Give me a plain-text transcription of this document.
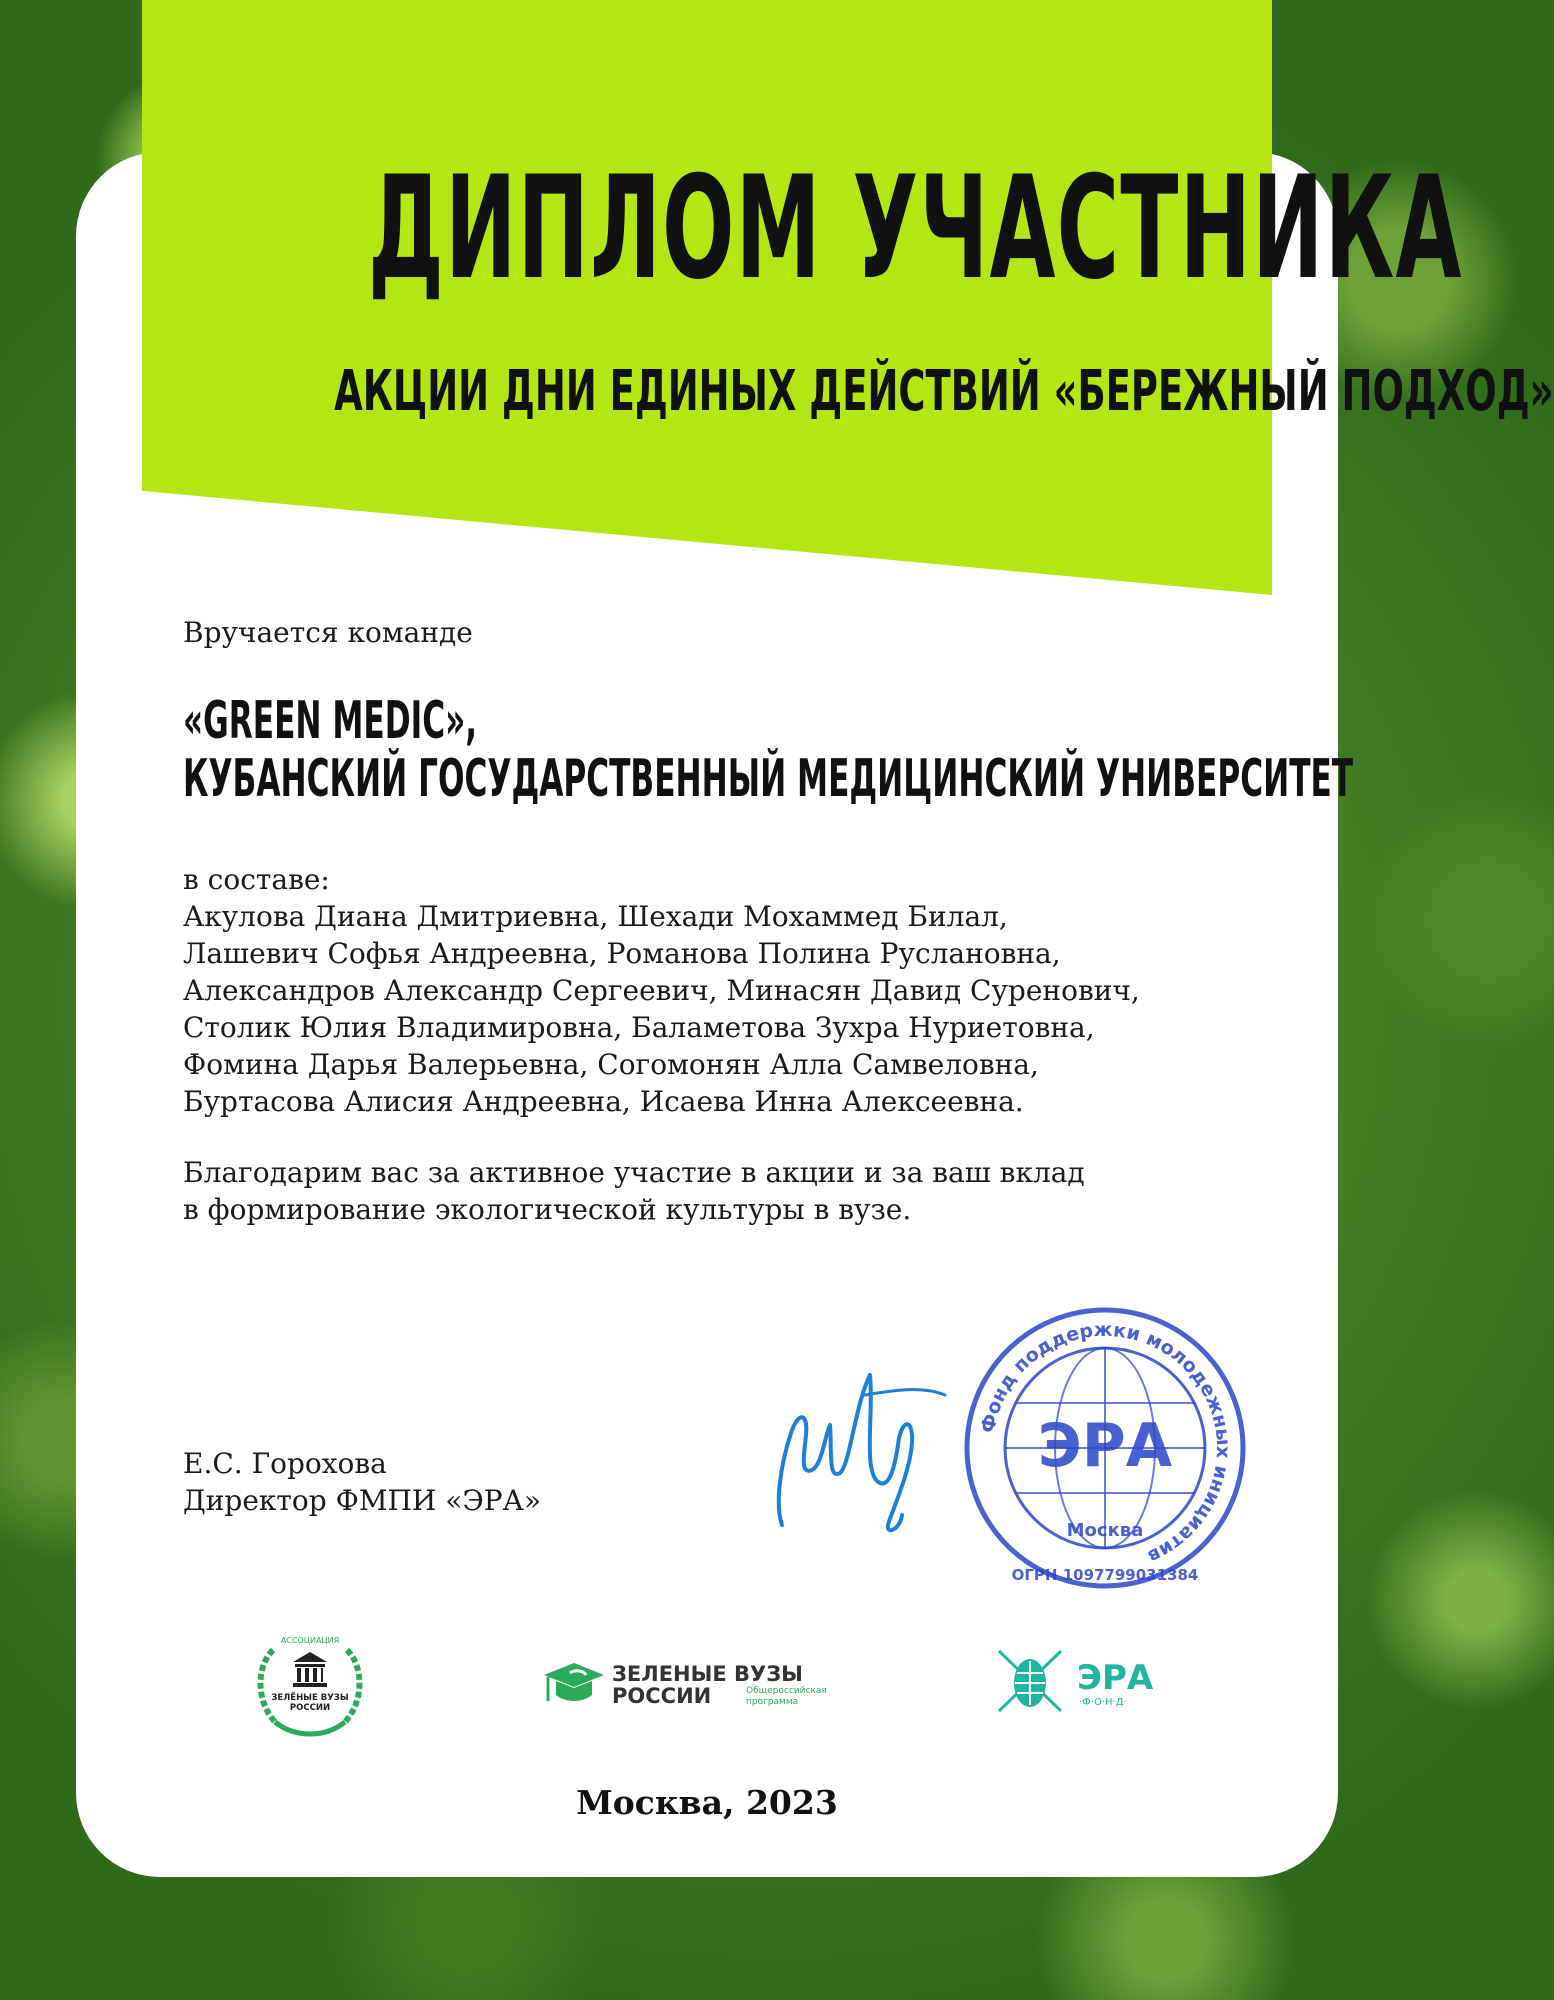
ДИПЛОМ УЧАСТНИКА
АКЦИИ ДНИ ЕДИНЫХ ДЕЙСТВИЙ «БЕРЕЖНЫЙ ПОДХОД»

Вручается команде

«GREEN MEDIC»,
КУБАНСКИЙ ГОСУДАРСТВЕННЫЙ МЕДИЦИНСКИЙ УНИВЕРСИТЕТ
в составе:
Акулова Диана Дмитриевна, Шехади Мохаммед Билал,
Лашевич Софья Андреевна, Романова Полина Руслановна,
Александров Александр Сергеевич, Минасян Давид Суренович,
Столик Юлия Владимировна, Баламетова Зухра Нуриетовна,
Фомина Дарья Валерьевна, Согомонян Алла Самвеловна,
Буртасова Алисия Андреевна, Исаева Инна Алексеевна.
Благодарим вас за активное участие в акции и за ваш вклад
в формирование экологической культуры в вузе.
Е.С. Горохова
Директор ФМПИ «ЭРА»
Фонд поддержки молодежных инициатив
ЭРА
Москва
ОГРН 1097799031384
АССОЦИАЦИЯ
ЗЕЛЁНЫЕ ВУЗЫ
РОССИИ
ЗЕЛЕНЫЕ ВУЗЫ
РОССИИ	Общероссийская
программа
ЭРА
·Ф·О·Н·Д·

Москва, 2023
